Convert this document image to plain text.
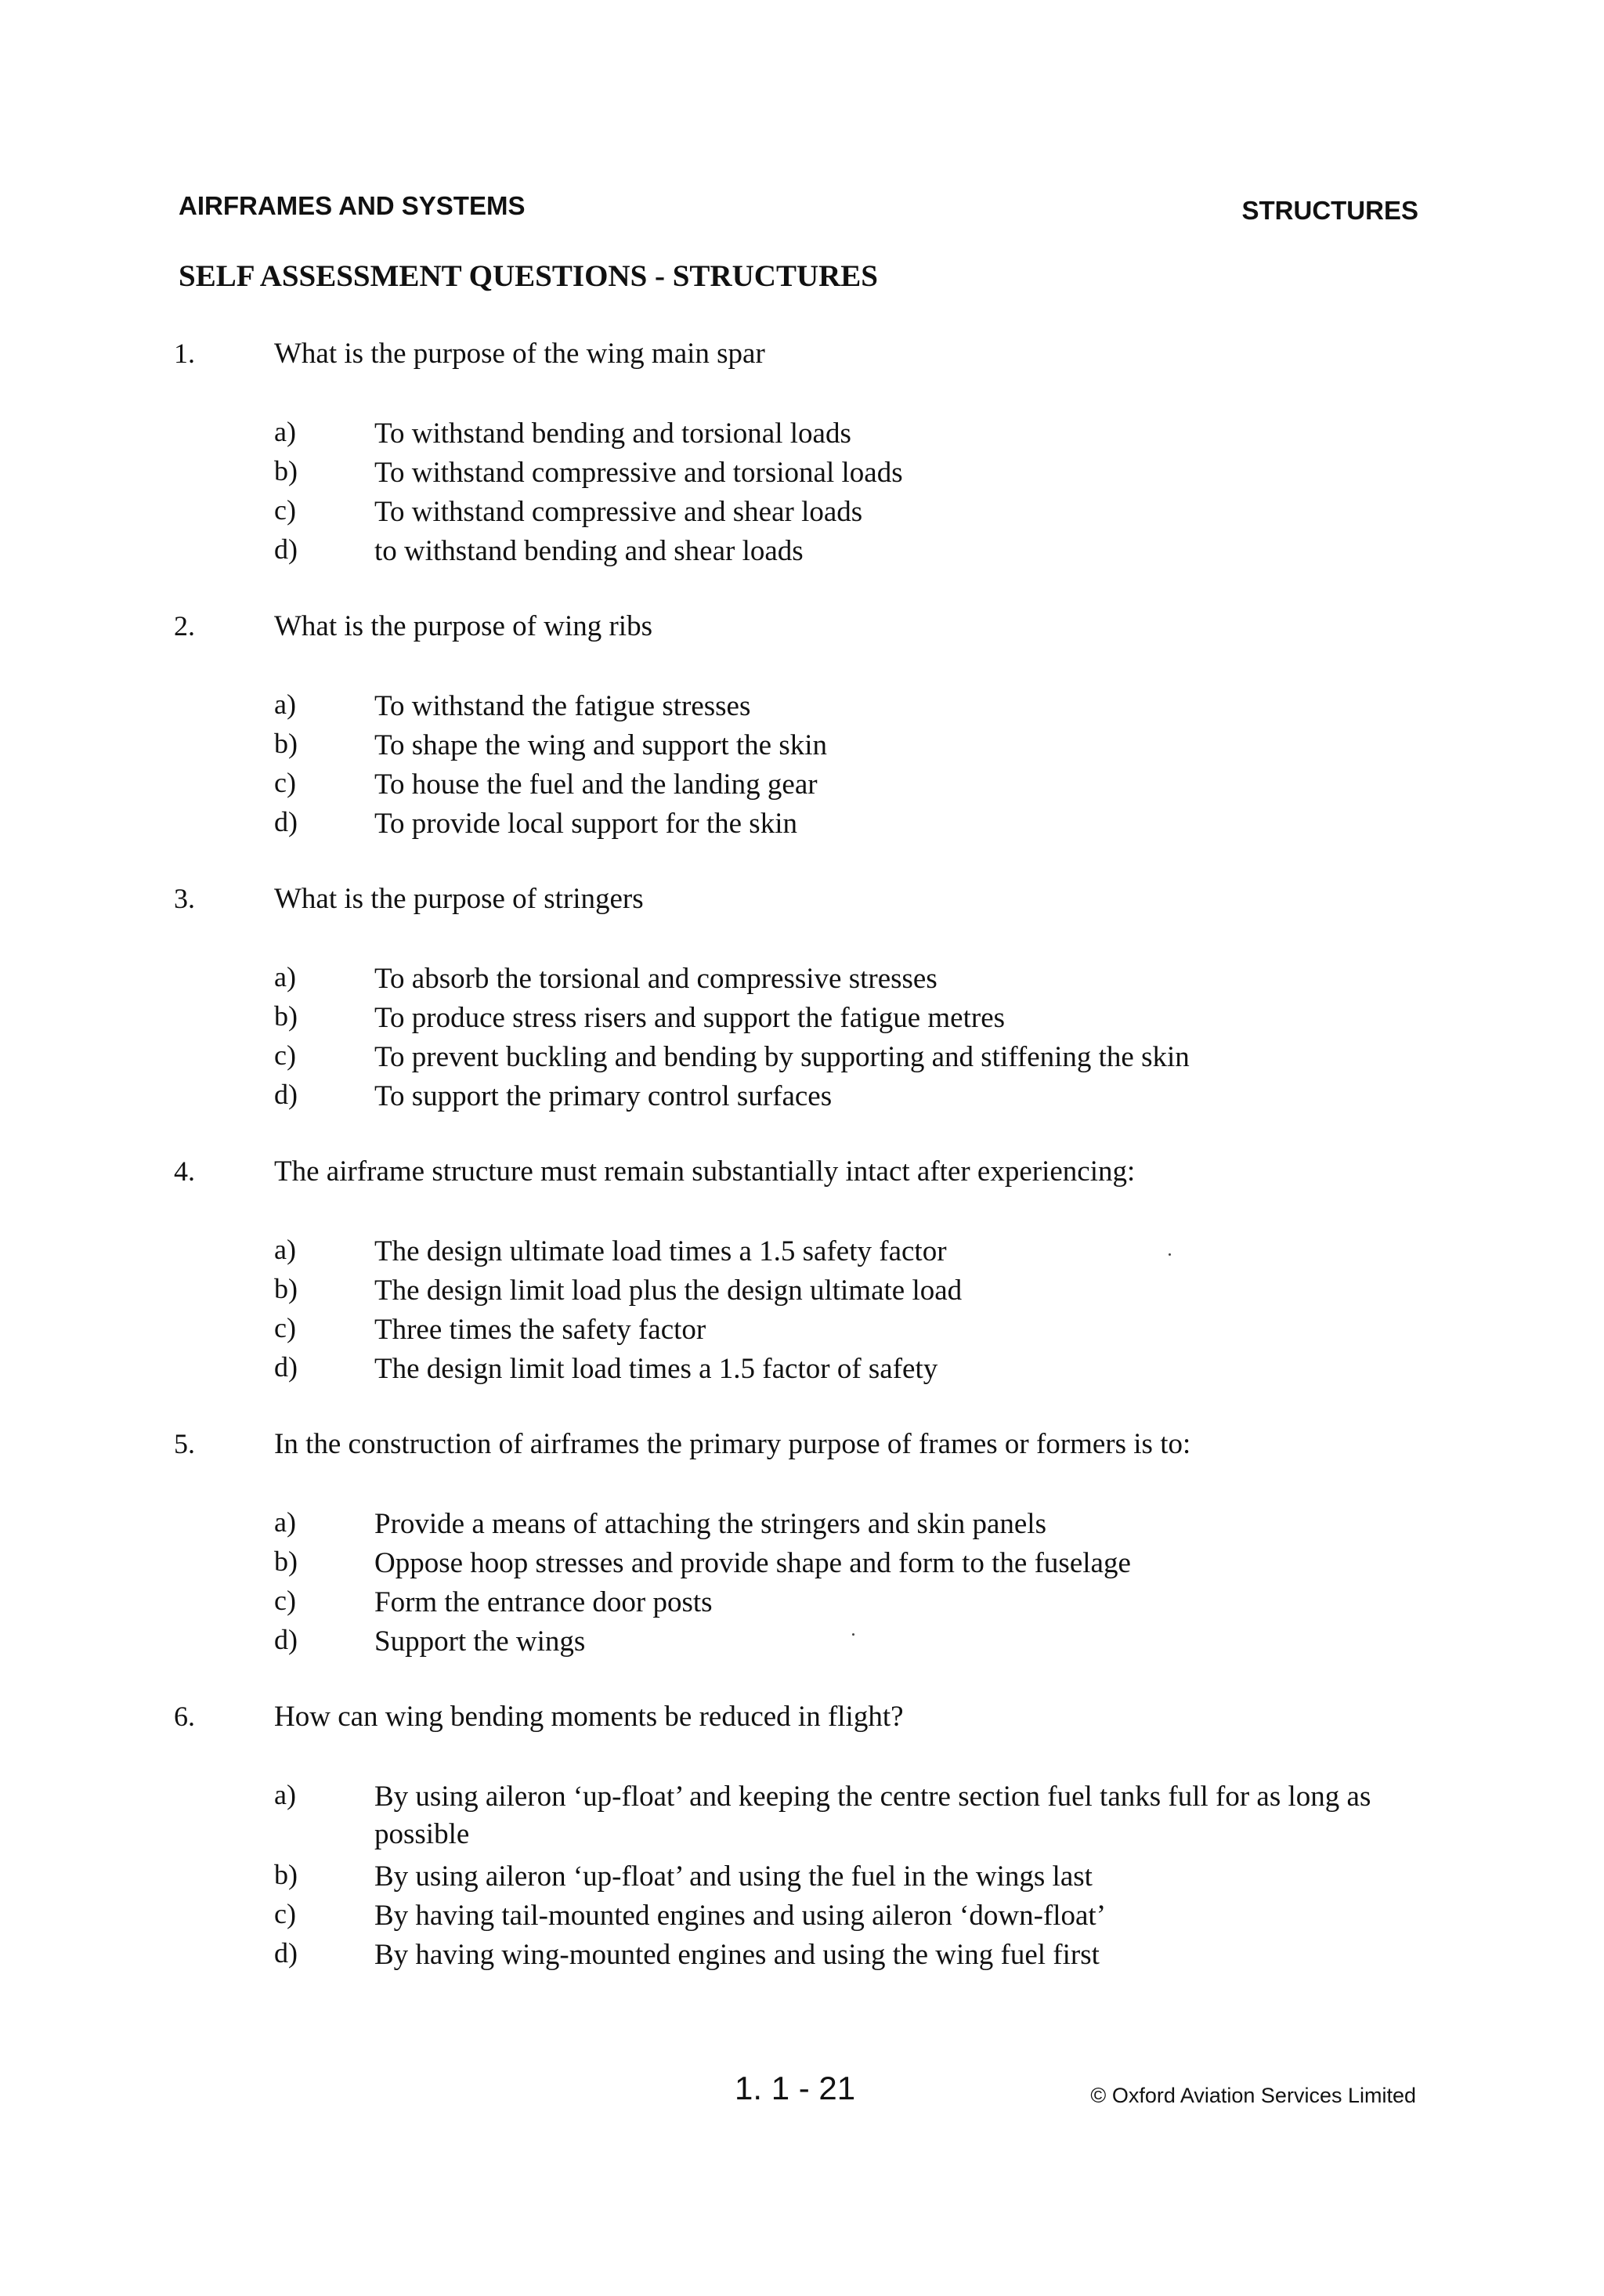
AIRFRAMES AND SYSTEMS	STRUCTURES
SELF ASSESSMENT QUESTIONS - STRUCTURES
1.	What is the purpose of the wing main spar
a)	To withstand bending and torsional loads
b)	To withstand compressive and torsional loads
c)	To withstand compressive and shear loads
d)	to withstand bending and shear loads
2.	What is the purpose of wing ribs
a)	To withstand the fatigue stresses
b)	To shape the wing and support the skin
c)	To house the fuel and the landing gear
d)	To provide local support for the skin
3.	What is the purpose of stringers
a)	To absorb the torsional and compressive stresses
b)	To produce stress risers and support the fatigue metres
c)	To prevent buckling and bending by supporting and stiffening the skin
d)	To support the primary control surfaces
4.	The airframe structure must remain substantially intact after experiencing:
a)	The design ultimate load times a 1.5 safety factor
b)	The design limit load plus the design ultimate load
c)	Three times the safety factor
d)	The design limit load times a 1.5 factor of safety
5.	In the construction of airframes the primary purpose of frames or formers is to:
a)	Provide a means of attaching the stringers and skin panels
b)	Oppose hoop stresses and provide shape and form to the fuselage
c)	Form the entrance door posts
d)	Support the wings
6.	How can wing bending moments be reduced in flight?
a)	By using aileron ‘up-float’ and keeping the centre section fuel tanks full for as long as possible
b)	By using aileron ‘up-float’ and using the fuel in the wings last
c)	By having tail-mounted engines and using aileron ‘down-float’
d)	By having wing-mounted engines and using the wing fuel first
1. 1 - 21	© Oxford Aviation Services Limited
